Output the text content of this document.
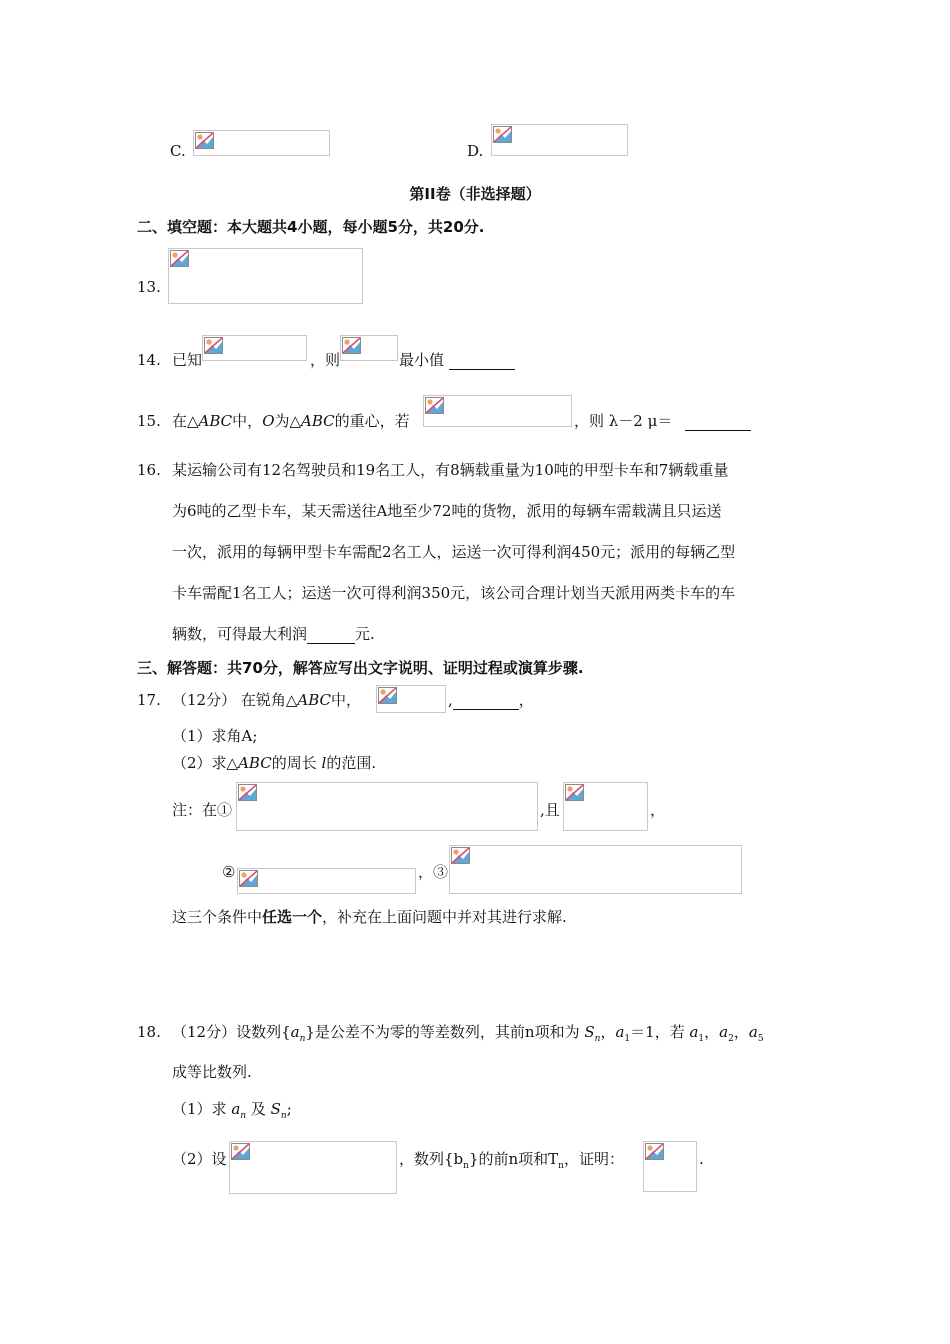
C.	D.
第II卷（非选择题）
二、填空题：本大题共4小题，每小题5分，共20分.
13.
14. 已知	，则	最小值
15. 在△ABC中，O为△ABC的重心，若	，则 λ－2 μ＝
16. 某运输公司有12名驾驶员和19名工人，有8辆载重量为10吨的甲型卡车和7辆载重量
为6吨的乙型卡车，某天需送往A地至少72吨的货物，派用的每辆车需载满且只运送
一次，派用的每辆甲型卡车需配2名工人，运送一次可得利润450元；派用的每辆乙型
卡车需配1名工人；运送一次可得利润350元，该公司合理计划当天派用两类卡车的车
辆数，可得最大利润	元.
三、解答题：共70分，解答应写出文字说明、证明过程或演算步骤.
17. （12分） 在锐角△ABC中，	,	，
（1）求角A;
（2）求△ABC的周长 l的范围.
注：在①	,且	，
②	，③
这三个条件中任选一个，补充在上面问题中并对其进行求解.
18. （12分）设数列$\{a_n\}$是公差不为零的等差数列，其前n项和为 $S_n$，$a_1=1$，若 $a_1$，$a_2$，$a_5$
成等比数列.
（1）求 $a_n$ 及 $S_n$;
（2）设	，数列$\{b_n\}$的前n项和$T_n$，证明：	.
